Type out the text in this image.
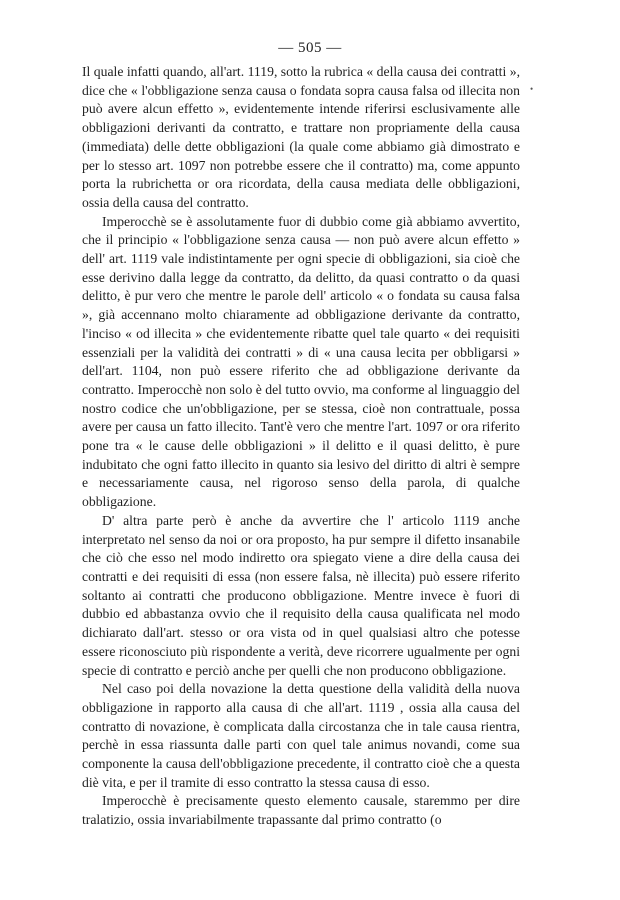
— 505 —
•

Il quale infatti quando, all'art. 1119, sotto la rubrica « della causa dei contratti », dice che « l'obbligazione senza causa o fondata sopra causa falsa od illecita non può avere alcun effetto », evidentemente intende riferirsi esclusivamente alle obbligazioni derivanti da contratto, e trattare non propriamente della causa (immediata) delle dette obbligazioni (la quale come abbiamo già dimostrato e per lo stesso art. 1097 non potrebbe essere che il contratto) ma, come appunto porta la rubrichetta or ora ricordata, della causa mediata delle obbligazioni, ossia della causa del contratto.

Imperocchè se è assolutamente fuor di dubbio come già abbiamo avvertito, che il principio « l'obbligazione senza causa — non può avere alcun effetto » dell' art. 1119 vale indistintamente per ogni specie di obbligazioni, sia cioè che esse derivino dalla legge da contratto, da delitto, da quasi contratto o da quasi delitto, è pur vero che mentre le parole dell' articolo « o fondata su causa falsa », già accennano molto chiaramente ad obbligazione derivante da contratto, l'inciso « od illecita » che evidentemente ribatte quel tale quarto « dei requisiti essenziali per la validità dei contratti » di « una causa lecita per obbligarsi » dell'art. 1104, non può essere riferito che ad obbligazione derivante da contratto. Imperocchè non solo è del tutto ovvio, ma conforme al linguaggio del nostro codice che un'obbligazione, per se stessa, cioè non contrattuale, possa avere per causa un fatto illecito. Tant'è vero che mentre l'art. 1097 or ora riferito pone tra « le cause delle obbligazioni » il delitto e il quasi delitto, è pure indubitato che ogni fatto illecito in quanto sia lesivo del diritto di altri è sempre e necessariamente causa, nel rigoroso senso della parola, di qualche obbligazione.

D' altra parte però è anche da avvertire che l' articolo 1119 anche interpretato nel senso da noi or ora proposto, ha pur sempre il difetto insanabile che ciò che esso nel modo indiretto ora spiegato viene a dire della causa dei contratti e dei requisiti di essa (non essere falsa, nè illecita) può essere riferito soltanto ai contratti che producono obbligazione. Mentre invece è fuori di dubbio ed abbastanza ovvio che il requisito della causa qualificata nel modo dichiarato dall'art. stesso or ora vista od in quel qualsiasi altro che potesse essere riconosciuto più rispondente a verità, deve ricorrere ugualmente per ogni specie di contratto e perciò anche per quelli che non producono obbligazione.

Nel caso poi della novazione la detta questione della validità della nuova obbligazione in rapporto alla causa di che all'art. 1119 , ossia alla causa del contratto di novazione, è complicata dalla circostanza che in tale causa rientra, perchè in essa riassunta dalle parti con quel tale animus novandi, come sua componente la causa dell'obbligazione precedente, il contratto cioè che a questa diè vita, e per il tramite di esso contratto la stessa causa di esso.

Imperocchè è precisamente questo elemento causale, staremmo per dire tralatizio, ossia invariabilmente trapassante dal primo contratto (o
